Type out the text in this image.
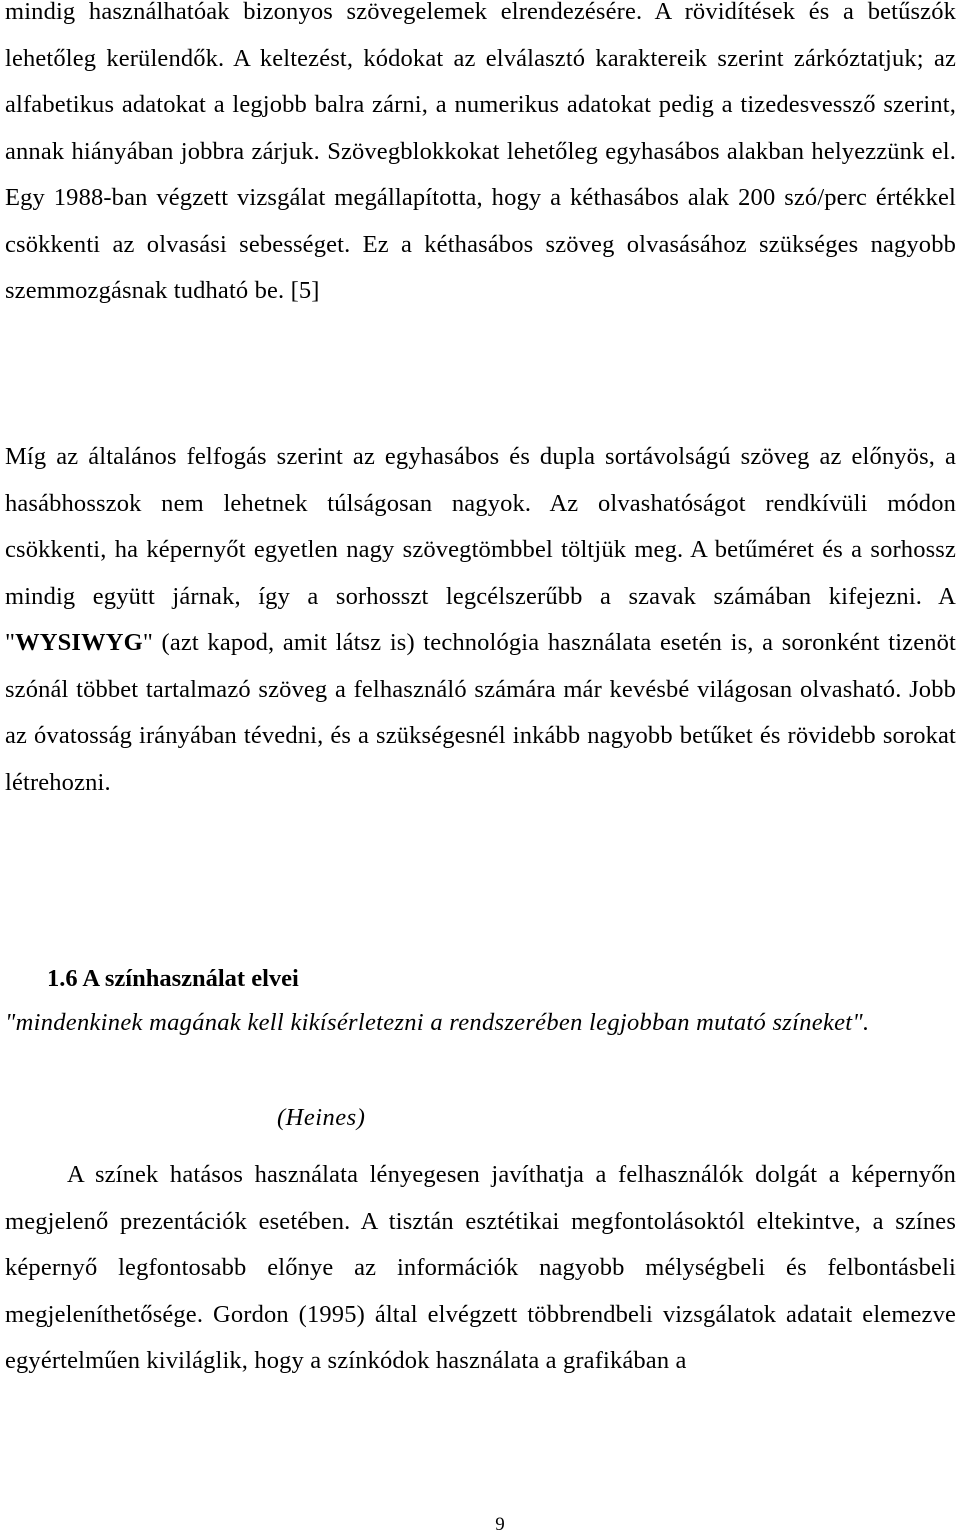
mindig használhatóak bizonyos szövegelemek elrendezésére. A rövidítések és a betűszók lehetőleg kerülendők. A keltezést, kódokat az elválasztó karaktereik szerint zárkóztatjuk; az alfabetikus adatokat a legjobb balra zárni, a numerikus adatokat pedig a tizedesvessző szerint, annak hiányában jobbra zárjuk. Szövegblokkokat lehetőleg egyhasábos alakban helyezzünk el. Egy 1988-ban végzett vizsgálat megállapította, hogy a kéthasábos alak 200 szó/perc értékkel csökkenti az olvasási sebességet. Ez a kéthasábos szöveg olvasásához szükséges nagyobb szemmozgásnak tudható be. [5]

Míg az általános felfogás szerint az egyhasábos és dupla sortávolságú szöveg az előnyös, a hasábhosszok nem lehetnek túlságosan nagyok. Az olvashatóságot rendkívüli módon csökkenti, ha képernyőt egyetlen nagy szövegtömbbel töltjük meg. A betűméret és a sorhossz mindig együtt járnak, így a sorhosszt legcélszerűbb a szavak számában kifejezni. A "WYSIWYG" (azt kapod, amit látsz is) technológia használata esetén is, a soronként tizenöt szónál többet tartalmazó szöveg a felhasználó számára már kevésbé világosan olvasható. Jobb az óvatosság irányában tévedni, és a szükségesnél inkább nagyobb betűket és rövidebb sorokat létrehozni.

1.6 A színhasználat elvei

"mindenkinek magának kell kikísérletezni a rendszerében legjobban mutató színeket".

(Heines)

A színek hatásos használata lényegesen javíthatja a felhasználók dolgát a képernyőn megjelenő prezentációk esetében. A tisztán esztétikai megfontolásoktól eltekintve, a színes képernyő legfontosabb előnye az információk nagyobb mélységbeli és felbontásbeli megjeleníthetősége. Gordon (1995) által elvégzett többrendbeli vizsgálatok adatait elemezve egyértelműen kiviláglik, hogy a színkódok használata a grafikában a

9
